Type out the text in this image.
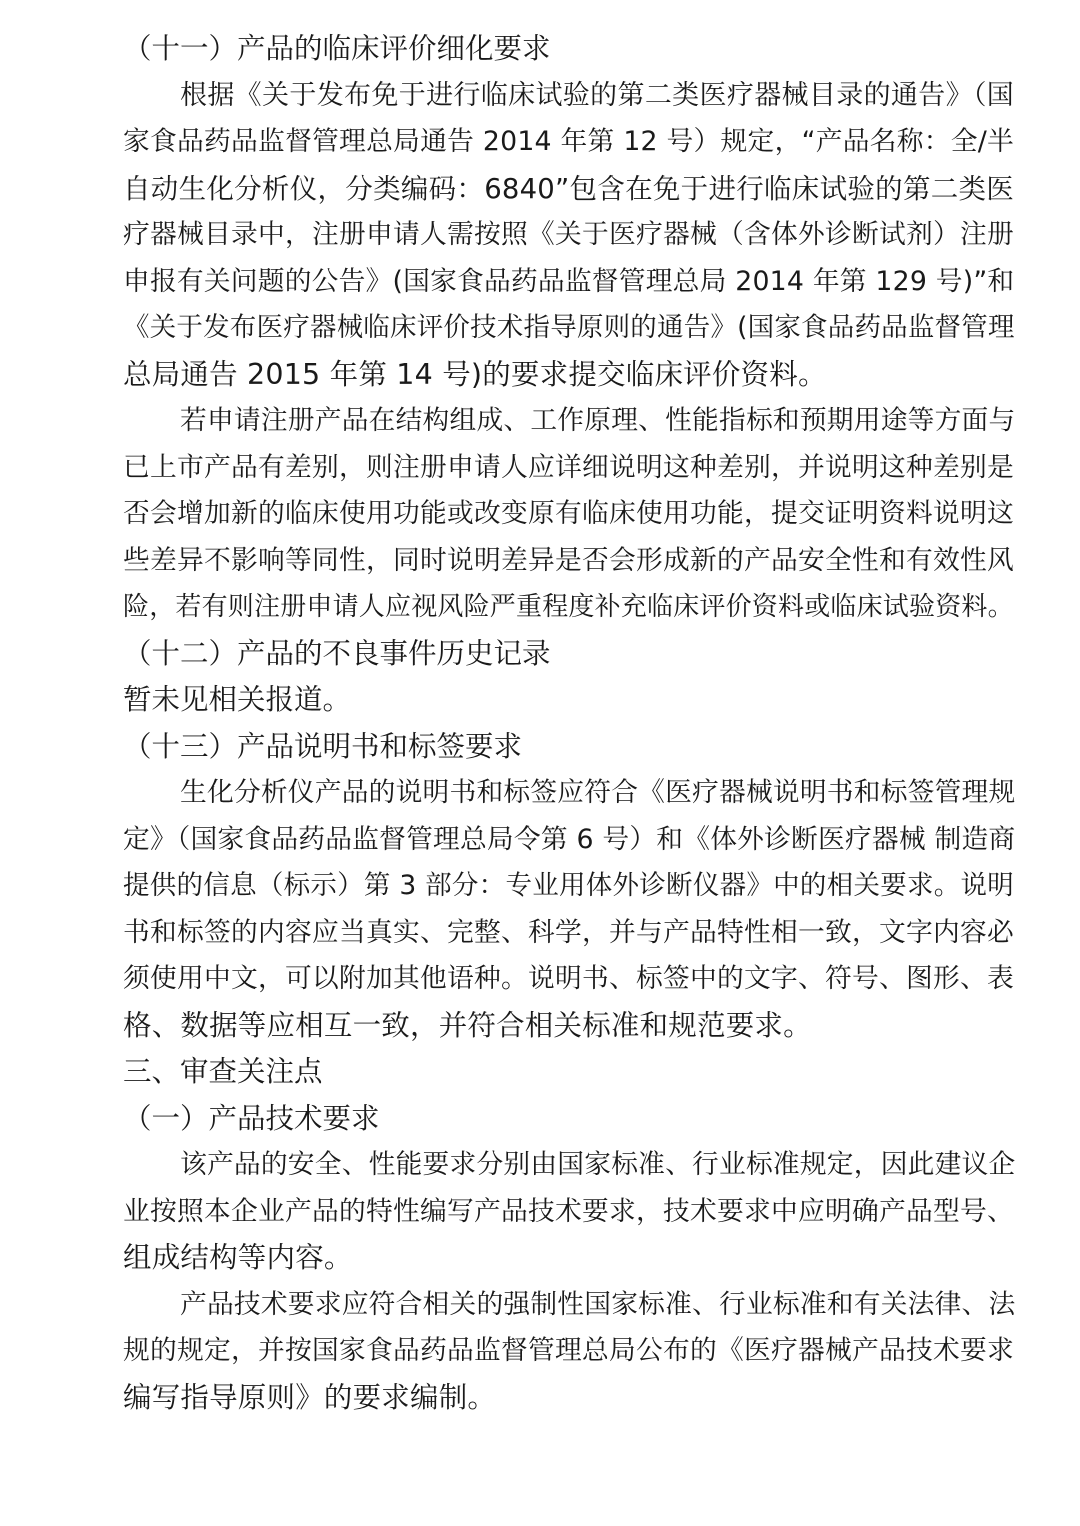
（十一）产品的临床评价细化要求

根据《关于发布免于进行临床试验的第二类医疗器械目录的通告》（国
家食品药品监督管理总局通告 2014 年第 12 号）规定，“产品名称：全/半
自动生化分析仪，分类编码：6840”包含在免于进行临床试验的第二类医
疗器械目录中，注册申请人需按照《关于医疗器械（含体外诊断试剂）注册
申报有关问题的公告》(国家食品药品监督管理总局 2014 年第 129 号)”和
《关于发布医疗器械临床评价技术指导原则的通告》(国家食品药品监督管理
总局通告 2015 年第 14 号)的要求提交临床评价资料。
若申请注册产品在结构组成、工作原理、性能指标和预期用途等方面与
已上市产品有差别，则注册申请人应详细说明这种差别，并说明这种差别是
否会增加新的临床使用功能或改变原有临床使用功能，提交证明资料说明这
些差异不影响等同性，同时说明差异是否会形成新的产品安全性和有效性风
险，若有则注册申请人应视风险严重程度补充临床评价资料或临床试验资料。

（十二）产品的不良事件历史记录

暂未见相关报道。

（十三）产品说明书和标签要求

生化分析仪产品的说明书和标签应符合《医疗器械说明书和标签管理规
定》（国家食品药品监督管理总局令第 6 号）和《体外诊断医疗器械 制造商
提供的信息（标示）第 3 部分：专业用体外诊断仪器》中的相关要求。说明
书和标签的内容应当真实、完整、科学，并与产品特性相一致，文字内容必
须使用中文，可以附加其他语种。说明书、标签中的文字、符号、图形、表
格、数据等应相互一致，并符合相关标准和规范要求。

三、审查关注点

（一）产品技术要求

该产品的安全、性能要求分别由国家标准、行业标准规定，因此建议企
业按照本企业产品的特性编写产品技术要求，技术要求中应明确产品型号、
组成结构等内容。
产品技术要求应符合相关的强制性国家标准、行业标准和有关法律、法
规的规定，并按国家食品药品监督管理总局公布的《医疗器械产品技术要求
编写指导原则》的要求编制。
